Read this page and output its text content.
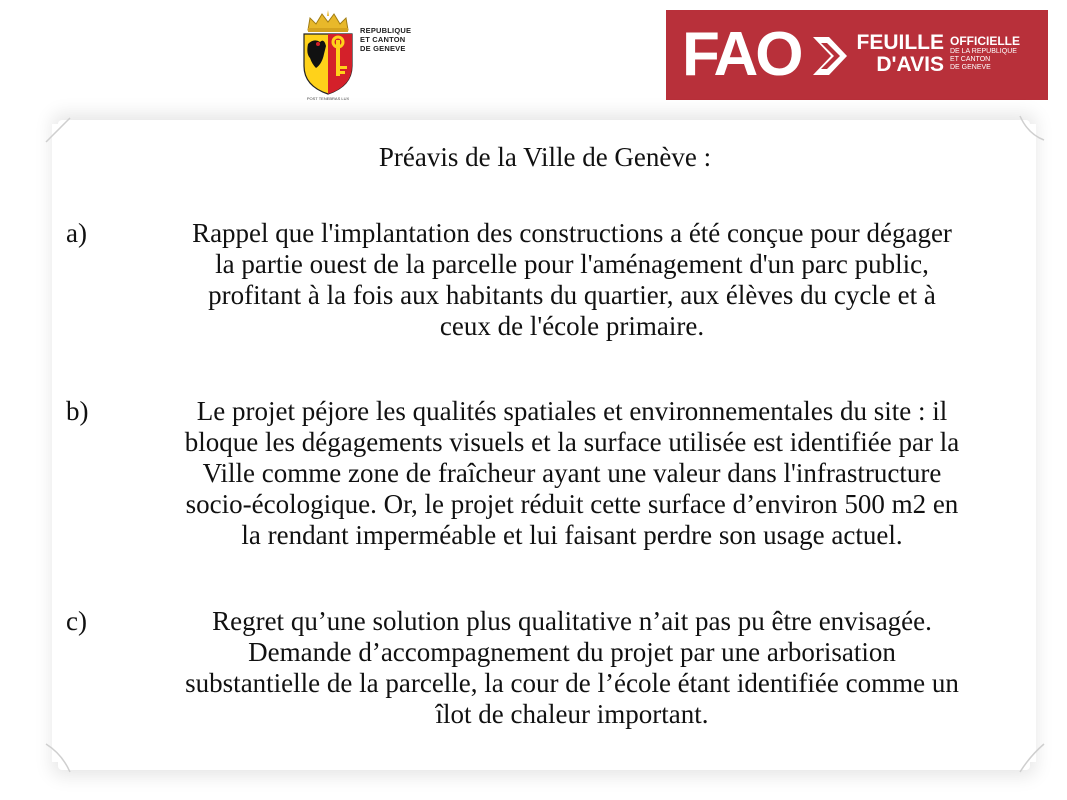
REPUBLIQUE
ET CANTON
DE GENEVE
POST TENEBRAS LUX
FAO	FEUILLE
D'AVIS
OFFICIELLE
DE LA REPUBLIQUE
ET CANTON
DE GENEVE
Préavis de la Ville de Genève :
a)	Rappel que l'implantation des constructions a été conçue pour dégager
la partie ouest de la parcelle pour l'aménagement d'un parc public,
profitant à la fois aux habitants du quartier, aux élèves du cycle et à
ceux de l'école primaire.
b)	Le projet péjore les qualités spatiales et environnementales du site : il
bloque les dégagements visuels et la surface utilisée est identifiée par la
Ville comme zone de fraîcheur ayant une valeur dans l'infrastructure
socio-écologique. Or, le projet réduit cette surface d’environ 500 m2 en
la rendant imperméable et lui faisant perdre son usage actuel.
c)	Regret qu’une solution plus qualitative n’ait pas pu être envisagée.
Demande d’accompagnement du projet par une arborisation
substantielle de la parcelle, la cour de l’école étant identifiée comme un
îlot de chaleur important.
